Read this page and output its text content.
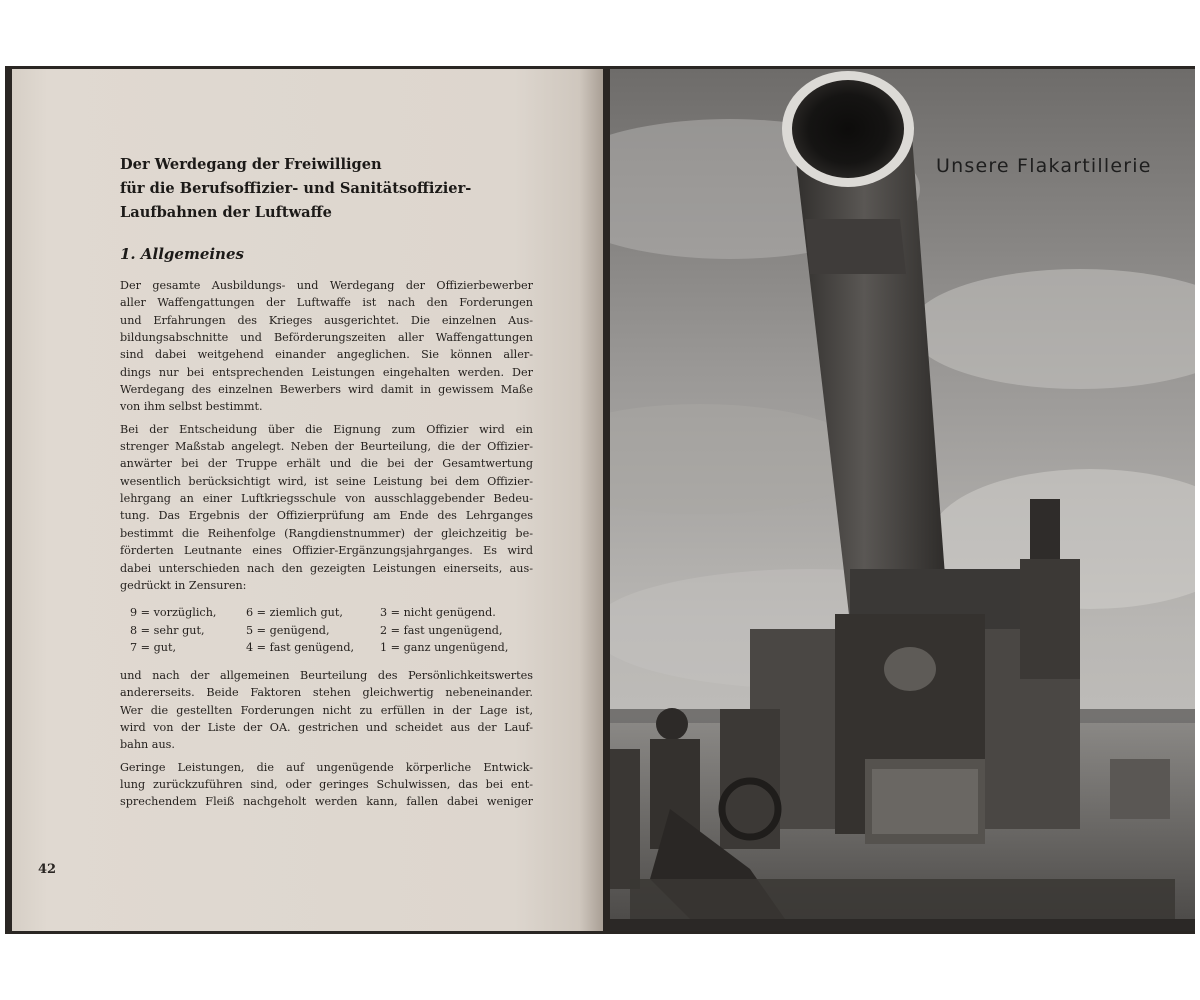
Der Werdegang der Freiwilligen
für die Berufsoffizier- und Sanitätsoffizier-
Laufbahnen der Luftwaffe
1. Allgemeines
Der gesamte Ausbildungs- und Werdegang der Offizierbewerber
aller Waffengattungen der Luftwaffe ist nach den Forderungen
und Erfahrungen des Krieges ausgerichtet. Die einzelnen Aus-
bildungsabschnitte und Beförderungszeiten aller Waffengattungen
sind dabei weitgehend einander angeglichen. Sie können aller-
dings nur bei entsprechenden Leistungen eingehalten werden. Der
Werdegang des einzelnen Bewerbers wird damit in gewissem Maße
von ihm selbst bestimmt.
Bei der Entscheidung über die Eignung zum Offizier wird ein
strenger Maßstab angelegt. Neben der Beurteilung, die der Offizier-
anwärter bei der Truppe erhält und die bei der Gesamtwertung
wesentlich berücksichtigt wird, ist seine Leistung bei dem Offizier-
lehrgang an einer Luftkriegsschule von ausschlaggebender Bedeu-
tung. Das Ergebnis der Offizierprüfung am Ende des Lehrganges
bestimmt die Reihenfolge (Rangdienstnummer) der gleichzeitig be-
förderten Leutnante eines Offizier-Ergänzungsjahrganges. Es wird
dabei unterschieden nach den gezeigten Leistungen einerseits, aus-
gedrückt in Zensuren:
9 = vorzüglich,	6 = ziemlich gut,	3 = nicht genügend.
8 = sehr gut,	5 = genügend,	2 = fast ungenügend,
7 = gut,	4 = fast genügend, 1 = ganz ungenügend,
und nach der allgemeinen Beurteilung des Persönlichkeitswertes
andererseits. Beide Faktoren stehen gleichwertig nebeneinander.
Wer die gestellten Forderungen nicht zu erfüllen in der Lage ist,
wird von der Liste der OA. gestrichen und scheidet aus der Lauf-
bahn aus.
Geringe Leistungen, die auf ungenügende körperliche Entwick-
lung zurückzuführen sind, oder geringes Schulwissen, das bei ent-
sprechendem Fleiß nachgeholt werden kann, fallen dabei weniger
42
Unsere Flakartillerie
